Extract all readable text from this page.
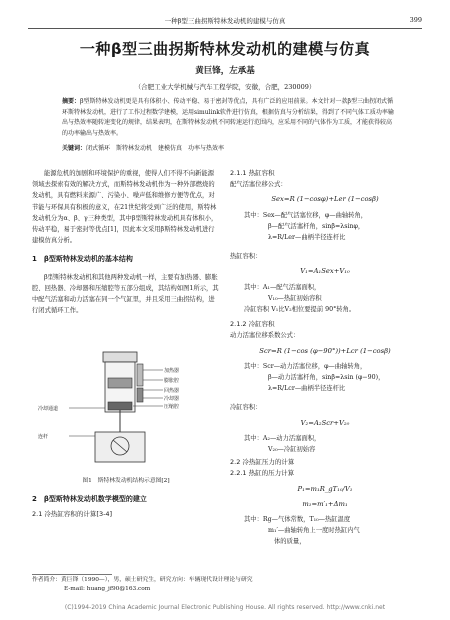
一种β型三曲拐斯特林发动机的建模与仿真	399
一种β型三曲拐斯特林发动机的建模与仿真
黄巨锋，左承基
（合肥工业大学机械与汽车工程学院，安徽，合肥，230009）
摘要：β型斯特林发动机更是具有体积小、传动平稳、易于密封等优点，具有广泛的应用前景。本文针对一款β型三曲拐闭式循环斯特林发动机，进行了工作过程数学建模，运用simulink软件进行仿真，根据仿真与分析结果，得到了不同气体工质功率输出与热效率随转速变化的规律，结果表明，在斯特林发动机不同转速运行范围内，应采用不同的气体作为工质，才能获得较高的功率输出与热效率。
关键词：闭式循环　斯特林发动机　建模仿真　功率与热效率

能源危机的加剧和环境保护的重视，使得人们不得不向新能源领域去探索有效的解决方式，而斯特林发动机作为一种外部燃烧的发动机，具有燃料来源广、污染小、噪声低和维修方便等优点，对节能与环保具有积极的意义，在21世纪将受到广泛的使用，斯特林发动机分为α、β、γ三种类型，其中β型斯特林发动机具有体积小，传动平稳，易于密封等优点[1]，因此本文采用β斯特林发动机进行建模仿真分析。

1　β型斯特林发动机的基本结构

β型斯特林发动机和其他两种发动机一样，主要有加热器、膨胀腔、回热器、冷却器和压缩腔等五部分组成，其结构如图1所示，其中配气活塞和动力活塞在同一个气缸里，并且采用三曲拐结构，进行闭式循环工作。

加热器
膨胀腔
回热器
冷却器
压缩腔
冷却通道
连杆
图1　斯特林发动机结构示意图[2]
2　β型斯特林发动机数学模型的建立
2.1 冷热缸容积的计算[3-4]
2.1.1 热缸容积
配气活塞位移公式：
Sex=R (1−cosφ)+Ler (1−cosβ)
其中：Sex—配气活塞位移，φ—曲轴转角，
β—配气活塞杆角，sinβ=λsinφ，
λ=R/Ler—曲柄半径连杆比
热缸容积：
V₁=A₁Sex+V₁₀
其中：A₁—配气活塞面积，
V₁₀—热缸初始容积
冷缸容积 V₁比V₂相位要提前 90°转角。
2.1.2 冷缸容积
动力活塞位移系数公式：
Scr=R (1−cos (φ−90°))+Lcr (1−cosβ)
其中：Scr—动力活塞位移，φ—曲轴转角，
β—动力活塞杆角，sinβ=λsin (φ−90)，
λ=R/Lcr—曲柄半径连杆比
冷缸容积：
V₂=A₂Scr+V₂₀
其中：A₂—动力活塞面积，
V₂₀—冷缸初始容
2.2 冷热缸压力的计算
2.2.1 热缸的压力计算
P₁=m₁R_gT₁₀/V₁
m₁=m′₁+Δm₁
其中：Rg—气体常数，T₁₀—热缸温度
m₁′—曲轴转角上一度时热缸内气
体的质量，
作者简介：黄巨锋（1990—），男，硕士研究生，研究方向：车辆现代设计理论与研究
E-mail: huang_jf90@163.com
(C)1994-2019 China Academic Journal Electronic Publishing House. All rights reserved. http://www.cnki.net
